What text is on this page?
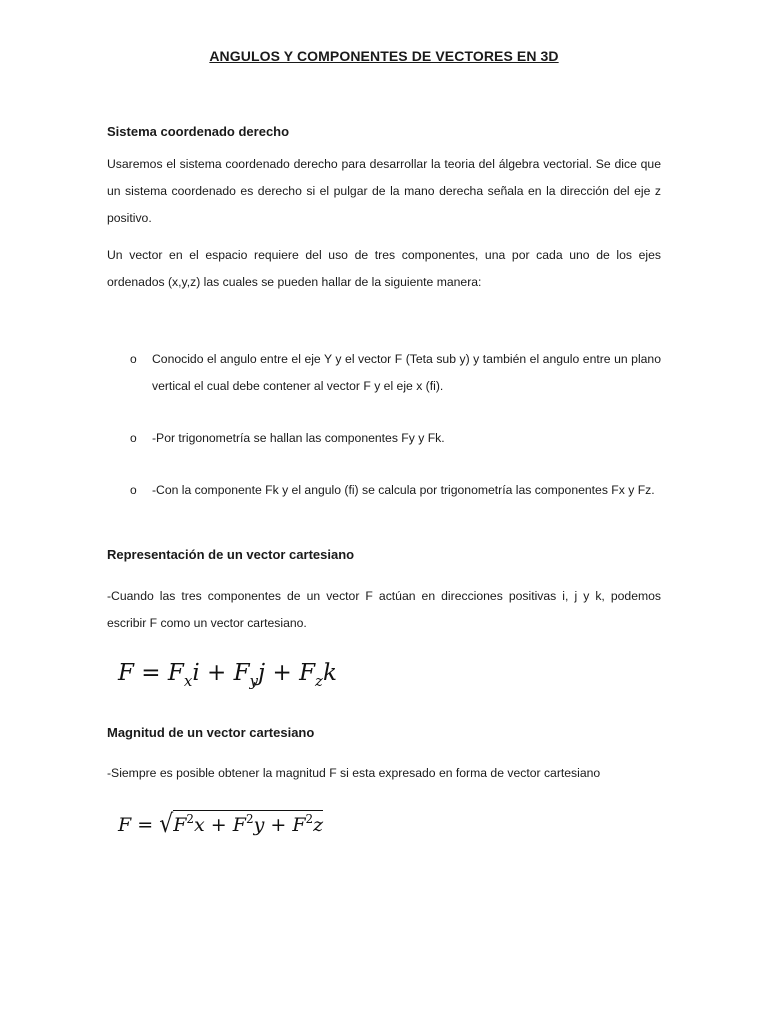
ANGULOS Y COMPONENTES DE VECTORES EN 3D
Sistema coordenado derecho
Usaremos el sistema coordenado derecho para desarrollar la teoria del álgebra vectorial. Se dice que un sistema coordenado es derecho si el pulgar de la mano derecha señala en la dirección del eje z positivo.
Un vector en el espacio requiere del uso de tres componentes, una por cada uno de los ejes ordenados (x,y,z) las cuales se pueden hallar de la siguiente manera:
o Conocido el angulo entre el eje Y y el vector F (Teta sub y) y también el angulo entre un plano vertical el cual debe contener al vector F y el eje x (fi).
o -Por trigonometría se hallan las componentes Fy y Fk.
o -Con la componente Fk y el angulo (fi) se calcula por trigonometría las componentes Fx y Fz.
Representación de un vector cartesiano
-Cuando las tres componentes de un vector F actúan en direcciones positivas i, j y k, podemos escribir F como un vector cartesiano.
$F = F_xi + F_yj + F_zk$
Magnitud de un vector cartesiano
-Siempre es posible obtener la magnitud F si esta expresado en forma de vector cartesiano
$F = √F^2x + F^2y + F^2z$
